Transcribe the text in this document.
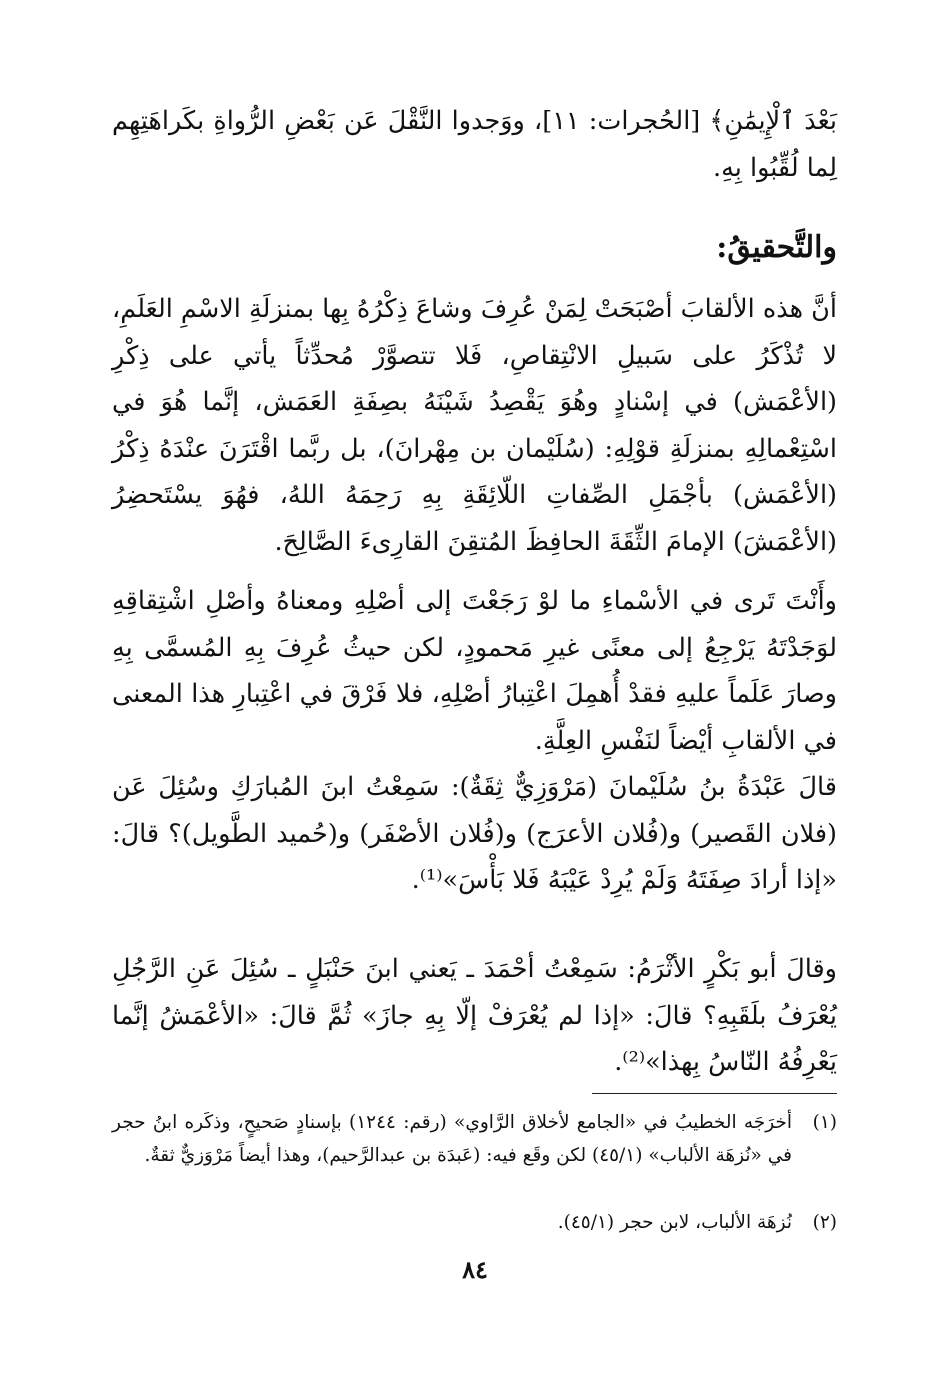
بَعْدَ ٱلْإِيمَٰنِ﴾ [الحُجرات: ١١]، ووَجدوا النَّقْلَ عَن بَعْضِ الرُّواةِ بكَراهَتِهِم لِما لُقِّبُوا بِهِ.

والتَّحقيقُ:

أنَّ هذه الألقابَ أصْبَحَتْ لِمَنْ عُرِفَ وشاعَ ذِكْرُهُ بِها بمنزلَةِ الاسْمِ العَلَمِ، لا تُذْكَرُ على سَبيلِ الانْتِقاصِ، فَلا تتصوَّرْ مُحدِّثاً يأتي على ذِكْرِ (الأعْمَش) في إسْنادٍ وهُوَ يَقْصِدُ شَيْنَهُ بصِفَةِ العَمَش، إنَّما هُوَ في اسْتِعْمالِهِ بمنزلَةِ قوْلِهِ: (سُلَيْمان بن مِهْرانَ)، بل ربَّما اقْتَرَنَ عنْدَهُ ذِكْرُ (الأعْمَش) بأجْمَلِ الصِّفاتِ اللّائِقَةِ بِهِ رَحِمَهُ اللهُ، فهُوَ يسْتَحضِرُ (الأعْمَشَ) الإمامَ الثِّقَةَ الحافِظَ المُتقِنَ القارِىءَ الصَّالِحَ.

وأَنْتَ تَرى في الأسْماءِ ما لوْ رَجَعْتَ إلى أصْلِهِ ومعناهُ وأصْلِ اشْتِقاقِهِ لوَجَدْتَهُ يَرْجِعُ إلى معنًى غيرِ مَحمودٍ، لكن حيثُ عُرِفَ بِهِ المُسمَّى بِهِ وصارَ عَلَماً عليهِ فقدْ أُهمِلَ اعْتِبارُ أصْلِهِ، فلا فَرْقَ في اعْتِبارِ هذا المعنى في الألقابِ أيْضاً لنَفْسِ العِلَّةِ.

قالَ عَبْدَةُ بنُ سُلَيْمانَ (مَرْوَزِيٌّ ثِقَةٌ): سَمِعْتُ ابنَ المُبارَكِ وسُئِلَ عَن (فلان القَصير) و(فُلان الأعرَج) و(فُلان الأصْفَر) و(حُميد الطَّويل)؟ قالَ: «إذا أرادَ صِفَتَهُ وَلَمْ يُرِدْ عَيْبَهُ فَلا بَأْسَ»⁽¹⁾.

وقالَ أبو بَكْرٍ الأثْرَمُ: سَمِعْتُ أحْمَدَ ـ يَعني ابنَ حَنْبَلٍ ـ سُئِلَ عَنِ الرَّجُلِ يُعْرَفُ بلَقَبِهِ؟ قالَ: «إذا لم يُعْرَفْ إلّا بِهِ جازَ» ثُمَّ قالَ: «الأعْمَشُ إنَّما يَعْرِفُهُ النّاسُ بِهذا»⁽²⁾.

(١)
أخرَجَه الخطيبُ في «الجامع لأخلاق الرَّاوي» (رقم: ١٢٤٤) بإسنادٍ صَحيحٍ، وذكَره ابنُ حجر في «نُزهَة الألباب» (٤٥/١) لكن وقَع فيه: (عَبدَة بن عبدالرَّحيم)، وهذا أيضاً مَرْوَزيٌّ ثقةٌ.
(٢)
نُزهَة الألباب، لابن حجر (٤٥/١).

٨٤
